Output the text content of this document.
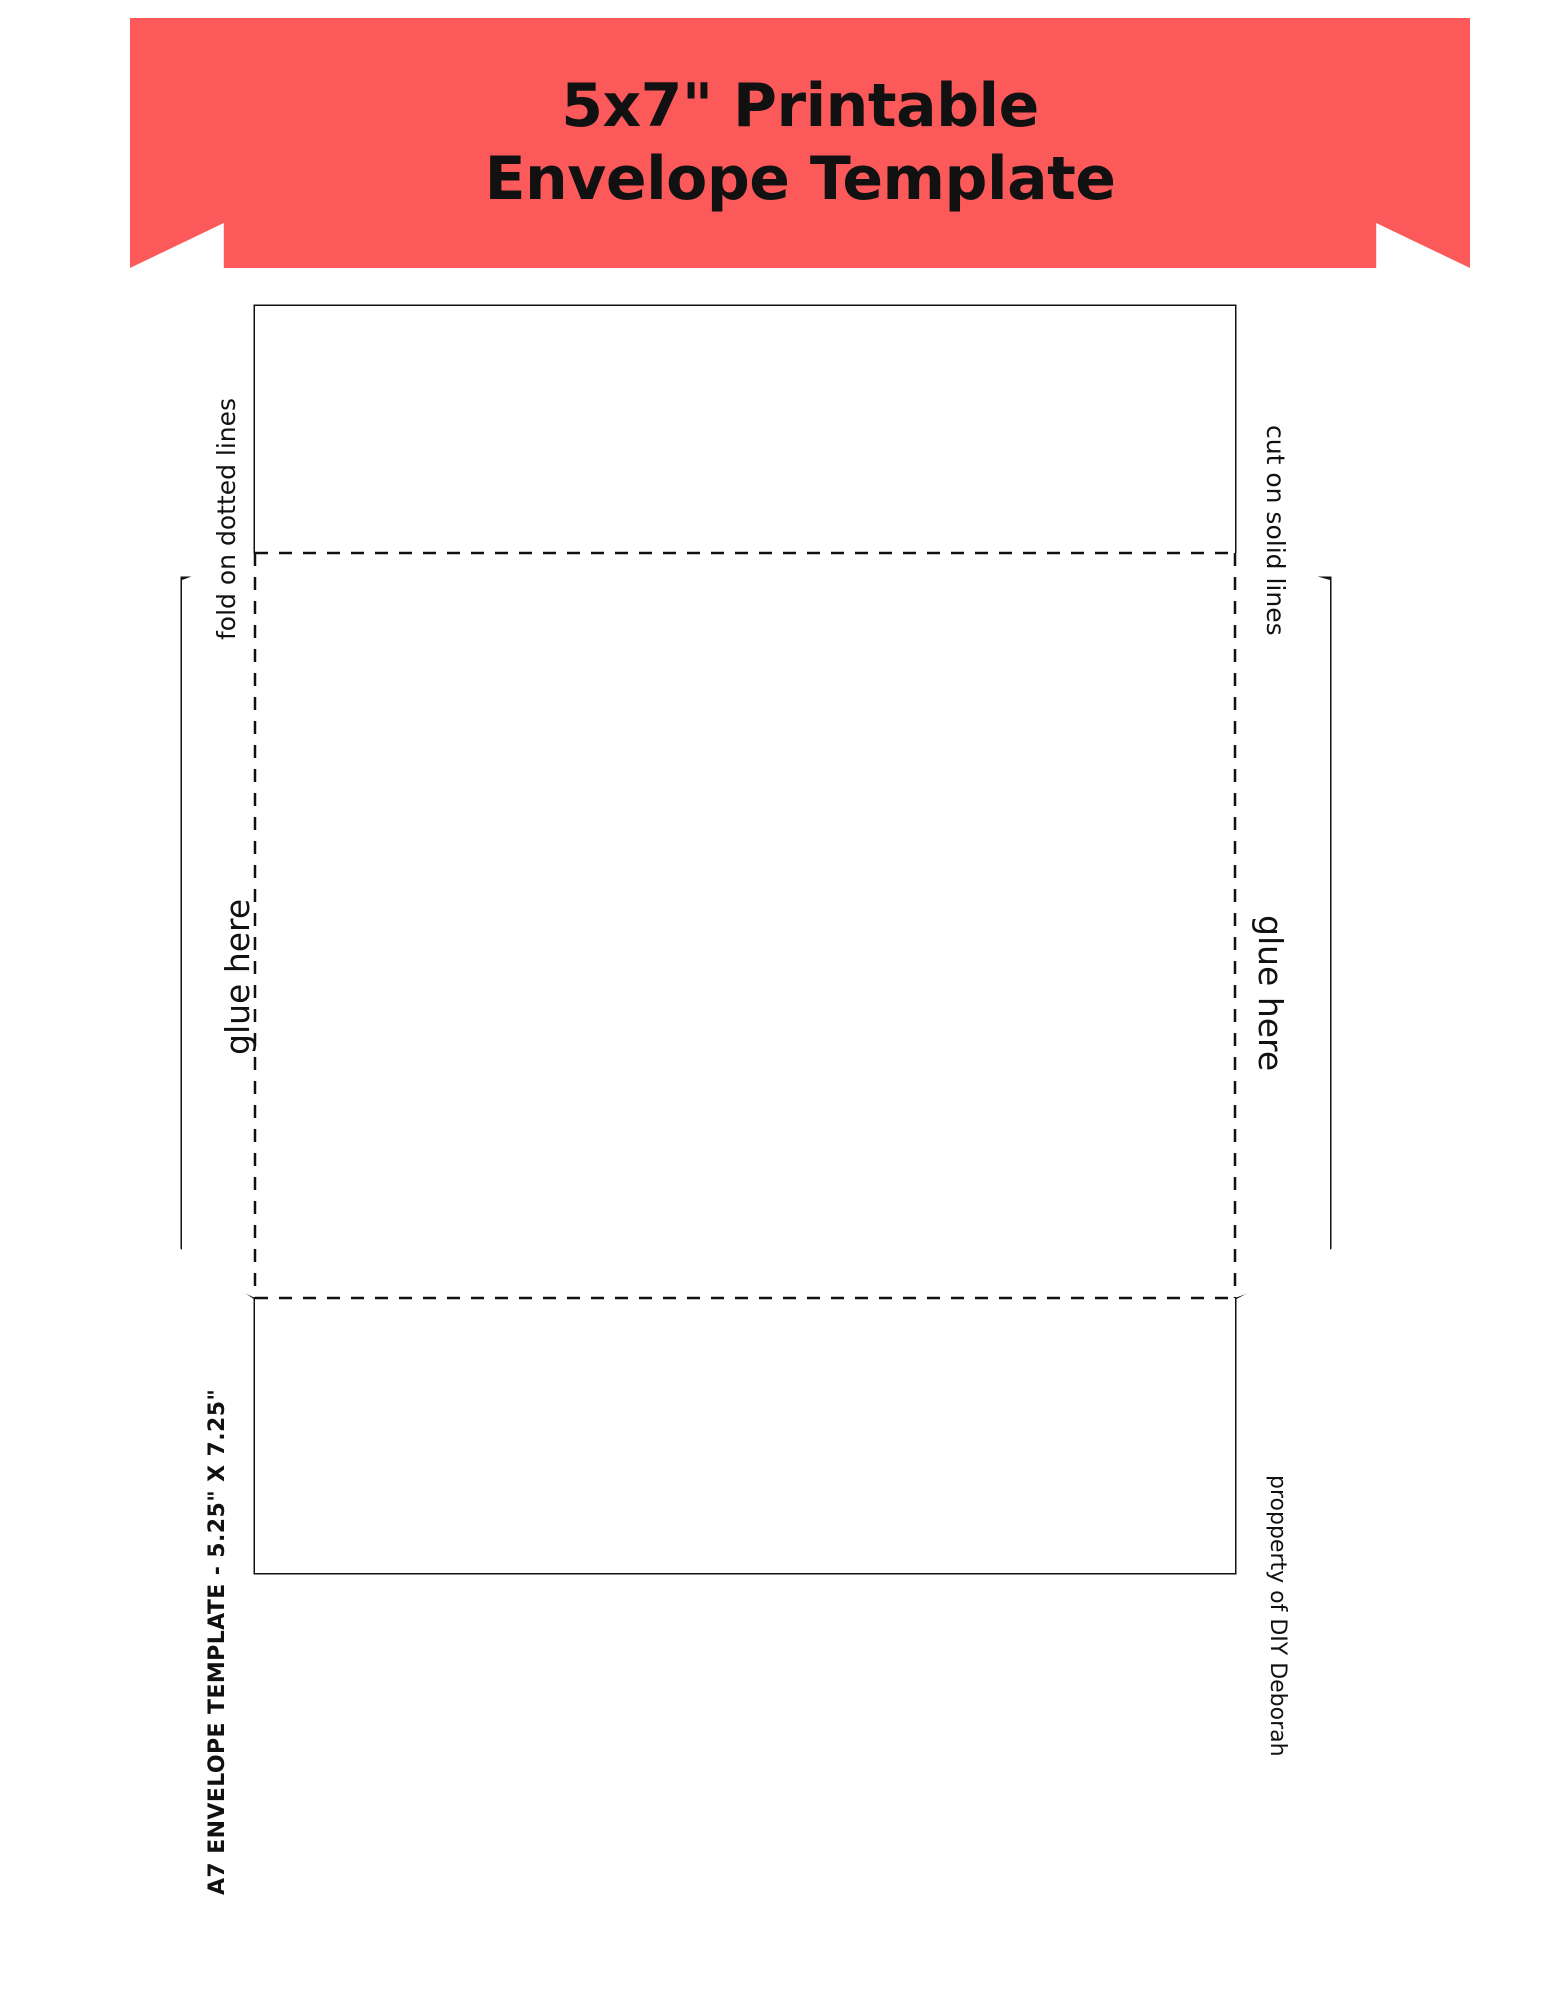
5x7" Printable
Envelope Template
fold on dotted lines
glue here
A7 ENVELOPE TEMPLATE - 5.25" X 7.25"
cut on solid lines
glue here
propperty of DIY Deborah
